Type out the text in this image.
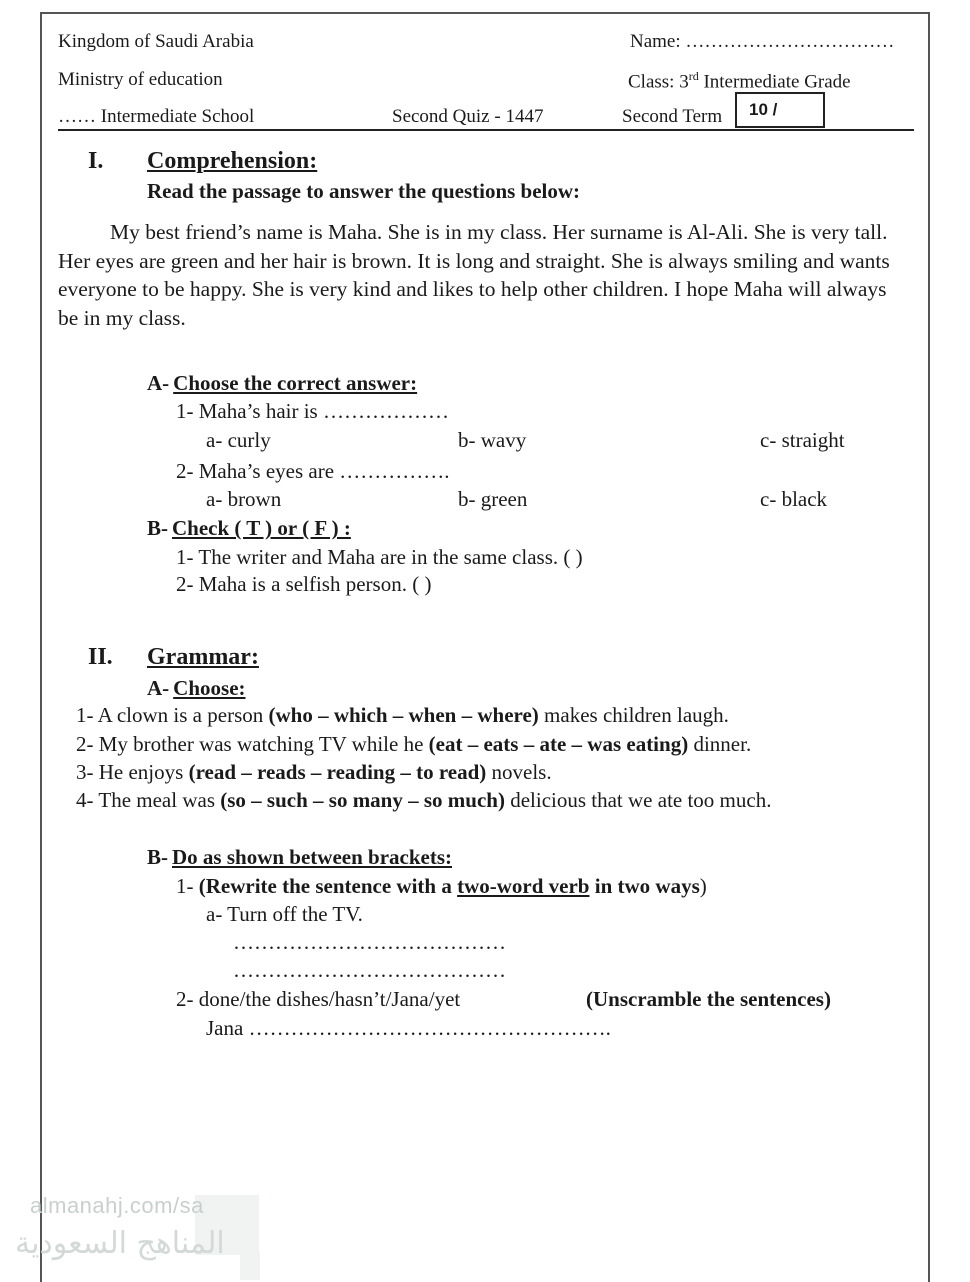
Kingdom of Saudi Arabia
Ministry of education
…… Intermediate School	Second Quiz - 1447
Name: ……………………………
Class: 3rd Intermediate Grade
Second Term	10 /
I. Comprehension:
Read the passage to answer the questions below:
My best friend’s name is Maha. She is in my class. Her surname is Al-Ali. She is very tall. Her eyes are green and her hair is brown. It is long and straight. She is always smiling and wants everyone to be happy. She is very kind and likes to help other children. I hope Maha will always be in my class.
A- Choose the correct answer:
1- Maha’s hair is ………………
a- curly	b- wavy	c- straight
2- Maha’s eyes are …………….
a- brown	b- green	c- black
B- Check ( T ) or ( F ) :
1- The writer and Maha are in the same class. ( )
2- Maha is a selfish person. ( )
II. Grammar:
A- Choose:
1- A clown is a person (who – which – when – where) makes children laugh.
2- My brother was watching TV while he (eat – eats – ate – was eating) dinner.
3- He enjoys (read – reads – reading – to read) novels.
4- The meal was (so – such – so many – so much) delicious that we ate too much.
B- Do as shown between brackets:
1- (Rewrite the sentence with a two-word verb in two ways)
a- Turn off the TV.
…………………………………
…………………………………
2- done/the dishes/hasn’t/Jana/yet	(Unscramble the sentences)
Jana …………………………………………….
almanahj.com/sa
المناهج السعودية
